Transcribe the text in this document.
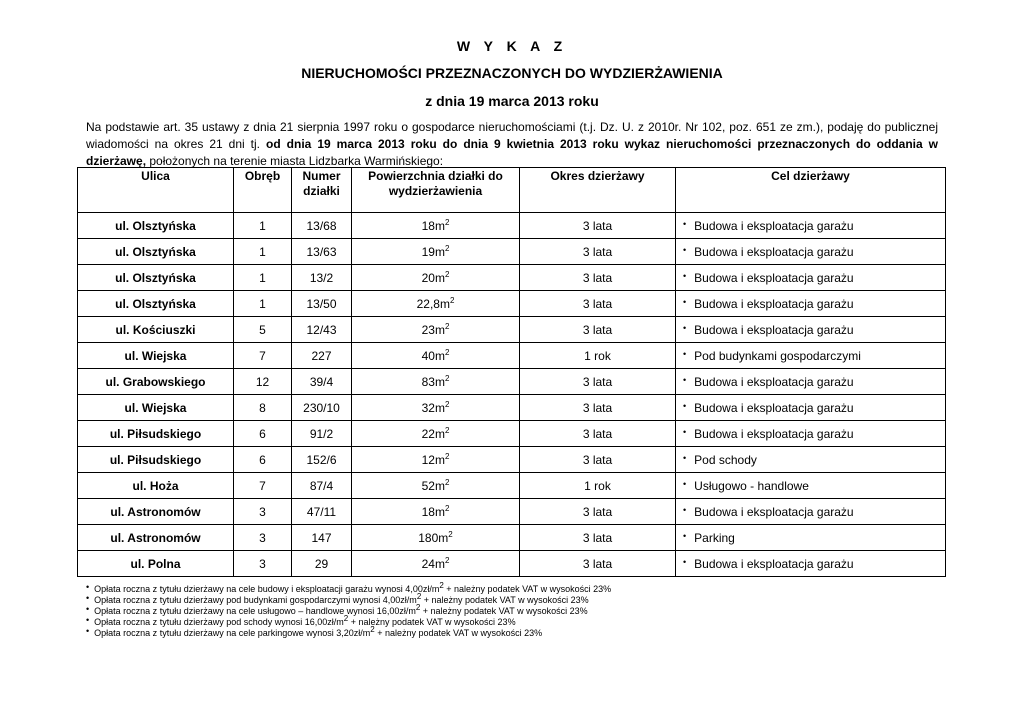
W Y K A Z
NIERUCHOMOŚCI PRZEZNACZONYCH DO WYDZIERŻAWIENIA
z dnia 19 marca 2013 roku
Na podstawie art. 35 ustawy z dnia 21 sierpnia 1997 roku o gospodarce nieruchomościami (t.j. Dz. U. z 2010r. Nr 102, poz. 651 ze zm.), podaję do publicznej wiadomości na okres 21 dni tj. od dnia 19 marca 2013 roku do dnia 9 kwietnia 2013 roku wykaz nieruchomości przeznaczonych do oddania w dzierżawę, położonych na terenie miasta Lidzbarka Warmińskiego:
Ulica	Obręb	Numer działki	Powierzchnia działki do wydzierżawienia	Okres dzierżawy	Cel dzierżawy
ul. Olsztyńska	1	13/68	$18m^2$	3 lata	• Budowa i eksploatacja garażu
ul. Olsztyńska	1	13/63	$19m^2$	3 lata	• Budowa i eksploatacja garażu
ul. Olsztyńska	1	13/2	$20m^2$	3 lata	• Budowa i eksploatacja garażu
ul. Olsztyńska	1	13/50	$22,8m^2$	3 lata	• Budowa i eksploatacja garażu
ul. Kościuszki	5	12/43	$23m^2$	3 lata	• Budowa i eksploatacja garażu
ul. Wiejska	7	227	$40m^2$	1 rok	• Pod budynkami gospodarczymi
ul. Grabowskiego	12	39/4	$83m^2$	3 lata	• Budowa i eksploatacja garażu
ul. Wiejska	8	230/10	$32m^2$	3 lata	• Budowa i eksploatacja garażu
ul. Piłsudskiego	6	91/2	$22m^2$	3 lata	• Budowa i eksploatacja garażu
ul. Piłsudskiego	6	152/6	$12m^2$	3 lata	• Pod schody
ul. Hoża	7	87/4	$52m^2$	1 rok	• Usługowo - handlowe
ul. Astronomów	3	47/11	$18m^2$	3 lata	• Budowa i eksploatacja garażu
ul. Astronomów	3	147	$180m^2$	3 lata	• Parking
ul. Polna	3	29	$24m^2$	3 lata	• Budowa i eksploatacja garażu
• Opłata roczna z tytułu dzierżawy na cele budowy i eksploatacji garażu wynosi $4,00zł/m^2$ + należny podatek VAT w wysokości 23%
• Opłata roczna z tytułu dzierżawy pod budynkami gospodarczymi wynosi $4,00zł/m^2$ + należny podatek VAT w wysokości 23%
• Opłata roczna z tytułu dzierżawy na cele usługowo – handlowe wynosi $16,00zł/m^2$ + należny podatek VAT w wysokości 23%
• Opłata roczna z tytułu dzierżawy pod schody wynosi $16,00zł/m^2$ + należny podatek VAT w wysokości 23%
• Opłata roczna z tytułu dzierżawy na cele parkingowe wynosi $3,20zł/m^2$ + należny podatek VAT w wysokości 23%
